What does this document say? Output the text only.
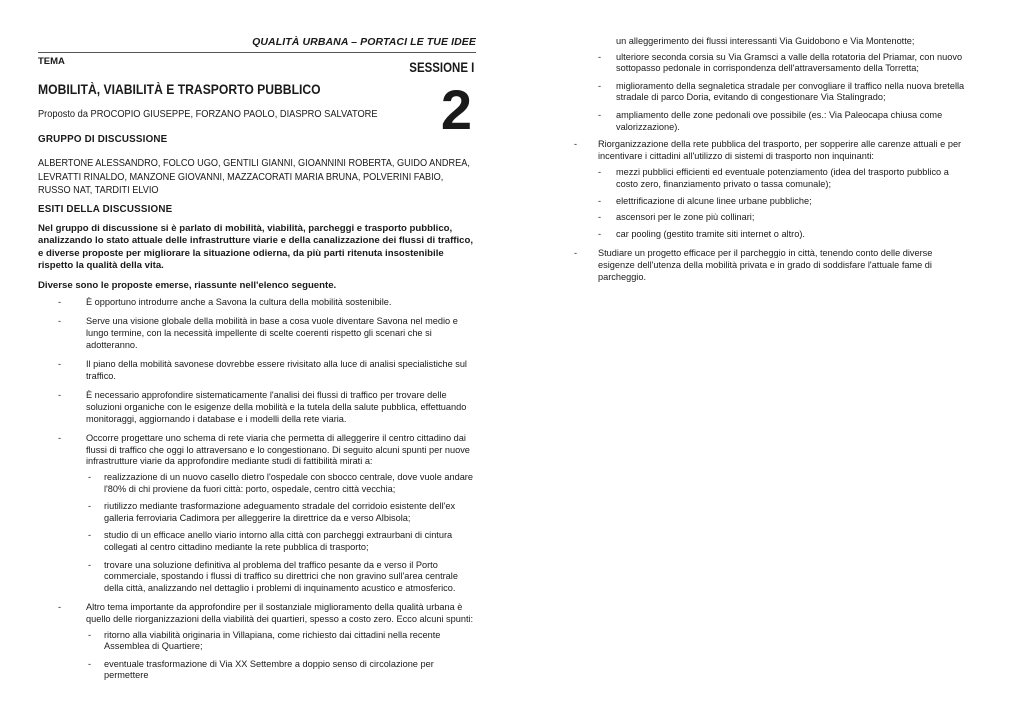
QUALITÀ URBANA – PORTACI LE TUE IDEE
TEMA	SESSIONE I
2
MOBILITÀ, VIABILITÀ E TRASPORTO PUBBLICO
Proposto da PROCOPIO GIUSEPPE, FORZANO PAOLO, DIASPRO SALVATORE
GRUPPO DI DISCUSSIONE
ALBERTONE ALESSANDRO, FOLCO UGO, GENTILI GIANNI, GIOANNINI ROBERTA, GUIDO ANDREA, LEVRATTI RINALDO, MANZONE GIOVANNI, MAZZACORATI MARIA BRUNA, POLVERINI FABIO, RUSSO NAT, TARDITI ELVIO
ESITI DELLA DISCUSSIONE
Nel gruppo di discussione si è parlato di mobilità, viabilità, parcheggi e trasporto pubblico, analizzando lo stato attuale delle infrastrutture viarie e della canalizzazione dei flussi di traffico, e diverse proposte per migliorare la situazione odierna, da più parti ritenuta insostenibile rispetto la qualità della vita.
Diverse sono le proposte emerse, riassunte nell'elenco seguente.
- È opportuno introdurre anche a Savona la cultura della mobilità sostenibile.
- Serve una visione globale della mobilità in base a cosa vuole diventare Savona nel medio e lungo termine, con la necessità impellente di scelte coerenti rispetto gli scenari che si adotteranno.
- Il piano della mobilità savonese dovrebbe essere rivisitato alla luce di analisi specialistiche sul traffico.
- È necessario approfondire sistematicamente l'analisi dei flussi di traffico per trovare delle soluzioni organiche con le esigenze della mobilità e la tutela della salute pubblica, effettuando monitoraggi, aggiornando i database e i modelli della rete viaria.
- Occorre progettare uno schema di rete viaria che permetta di alleggerire il centro cittadino dai flussi di traffico che oggi lo attraversano e lo congestionano. Di seguito alcuni spunti per nuove infrastrutture viarie da approfondire mediante studi di fattibilità mirati a:
- realizzazione di un nuovo casello dietro l'ospedale con sbocco centrale, dove vuole andare l'80% di chi proviene da fuori città: porto, ospedale, centro città vecchia;
- riutilizzo mediante trasformazione adeguamento stradale del corridoio esistente dell'ex galleria ferroviaria Cadimora per alleggerire la direttrice da e verso Albisola;
- studio di un efficace anello viario intorno alla città con parcheggi extraurbani di cintura collegati al centro cittadino mediante la rete pubblica di trasporto;
- trovare una soluzione definitiva al problema del traffico pesante da e verso il Porto commerciale, spostando i flussi di traffico su direttrici che non gravino sull'area centrale della città, analizzando nel dettaglio i problemi di inquinamento acustico e atmosferico.
- Altro tema importante da approfondire per il sostanziale miglioramento della qualità urbana è quello delle riorganizzazioni della viabilità dei quartieri, spesso a costo zero. Ecco alcuni spunti:
- ritorno alla viabilità originaria in Villapiana, come richiesto dai cittadini nella recente Assemblea di Quartiere;
- eventuale trasformazione di Via XX Settembre a doppio senso di circolazione per permettere
un alleggerimento dei flussi interessanti Via Guidobono e Via Montenotte;
- ulteriore seconda corsia su Via Gramsci a valle della rotatoria del Priamar, con nuovo sottopasso pedonale in corrispondenza dell'attraversamento della Torretta;
- miglioramento della segnaletica stradale per convogliare il traffico nella nuova bretella stradale di parco Doria, evitando di congestionare Via Stalingrado;
- ampliamento delle zone pedonali ove possibile (es.: Via Paleocapa chiusa come valorizzazione).
- Riorganizzazione della rete pubblica del trasporto, per sopperire alle carenze attuali e per incentivare i cittadini all'utilizzo di sistemi di trasporto non inquinanti:
- mezzi pubblici efficienti ed eventuale potenziamento (idea del trasporto pubblico a costo zero, finanziamento privato o tassa comunale);
- elettrificazione di alcune linee urbane pubbliche;
- ascensori per le zone più collinari;
- car pooling (gestito tramite siti internet o altro).
- Studiare un progetto efficace per il parcheggio in città, tenendo conto delle diverse esigenze dell'utenza della mobilità privata e in grado di soddisfare l'attuale fame di parcheggio.
